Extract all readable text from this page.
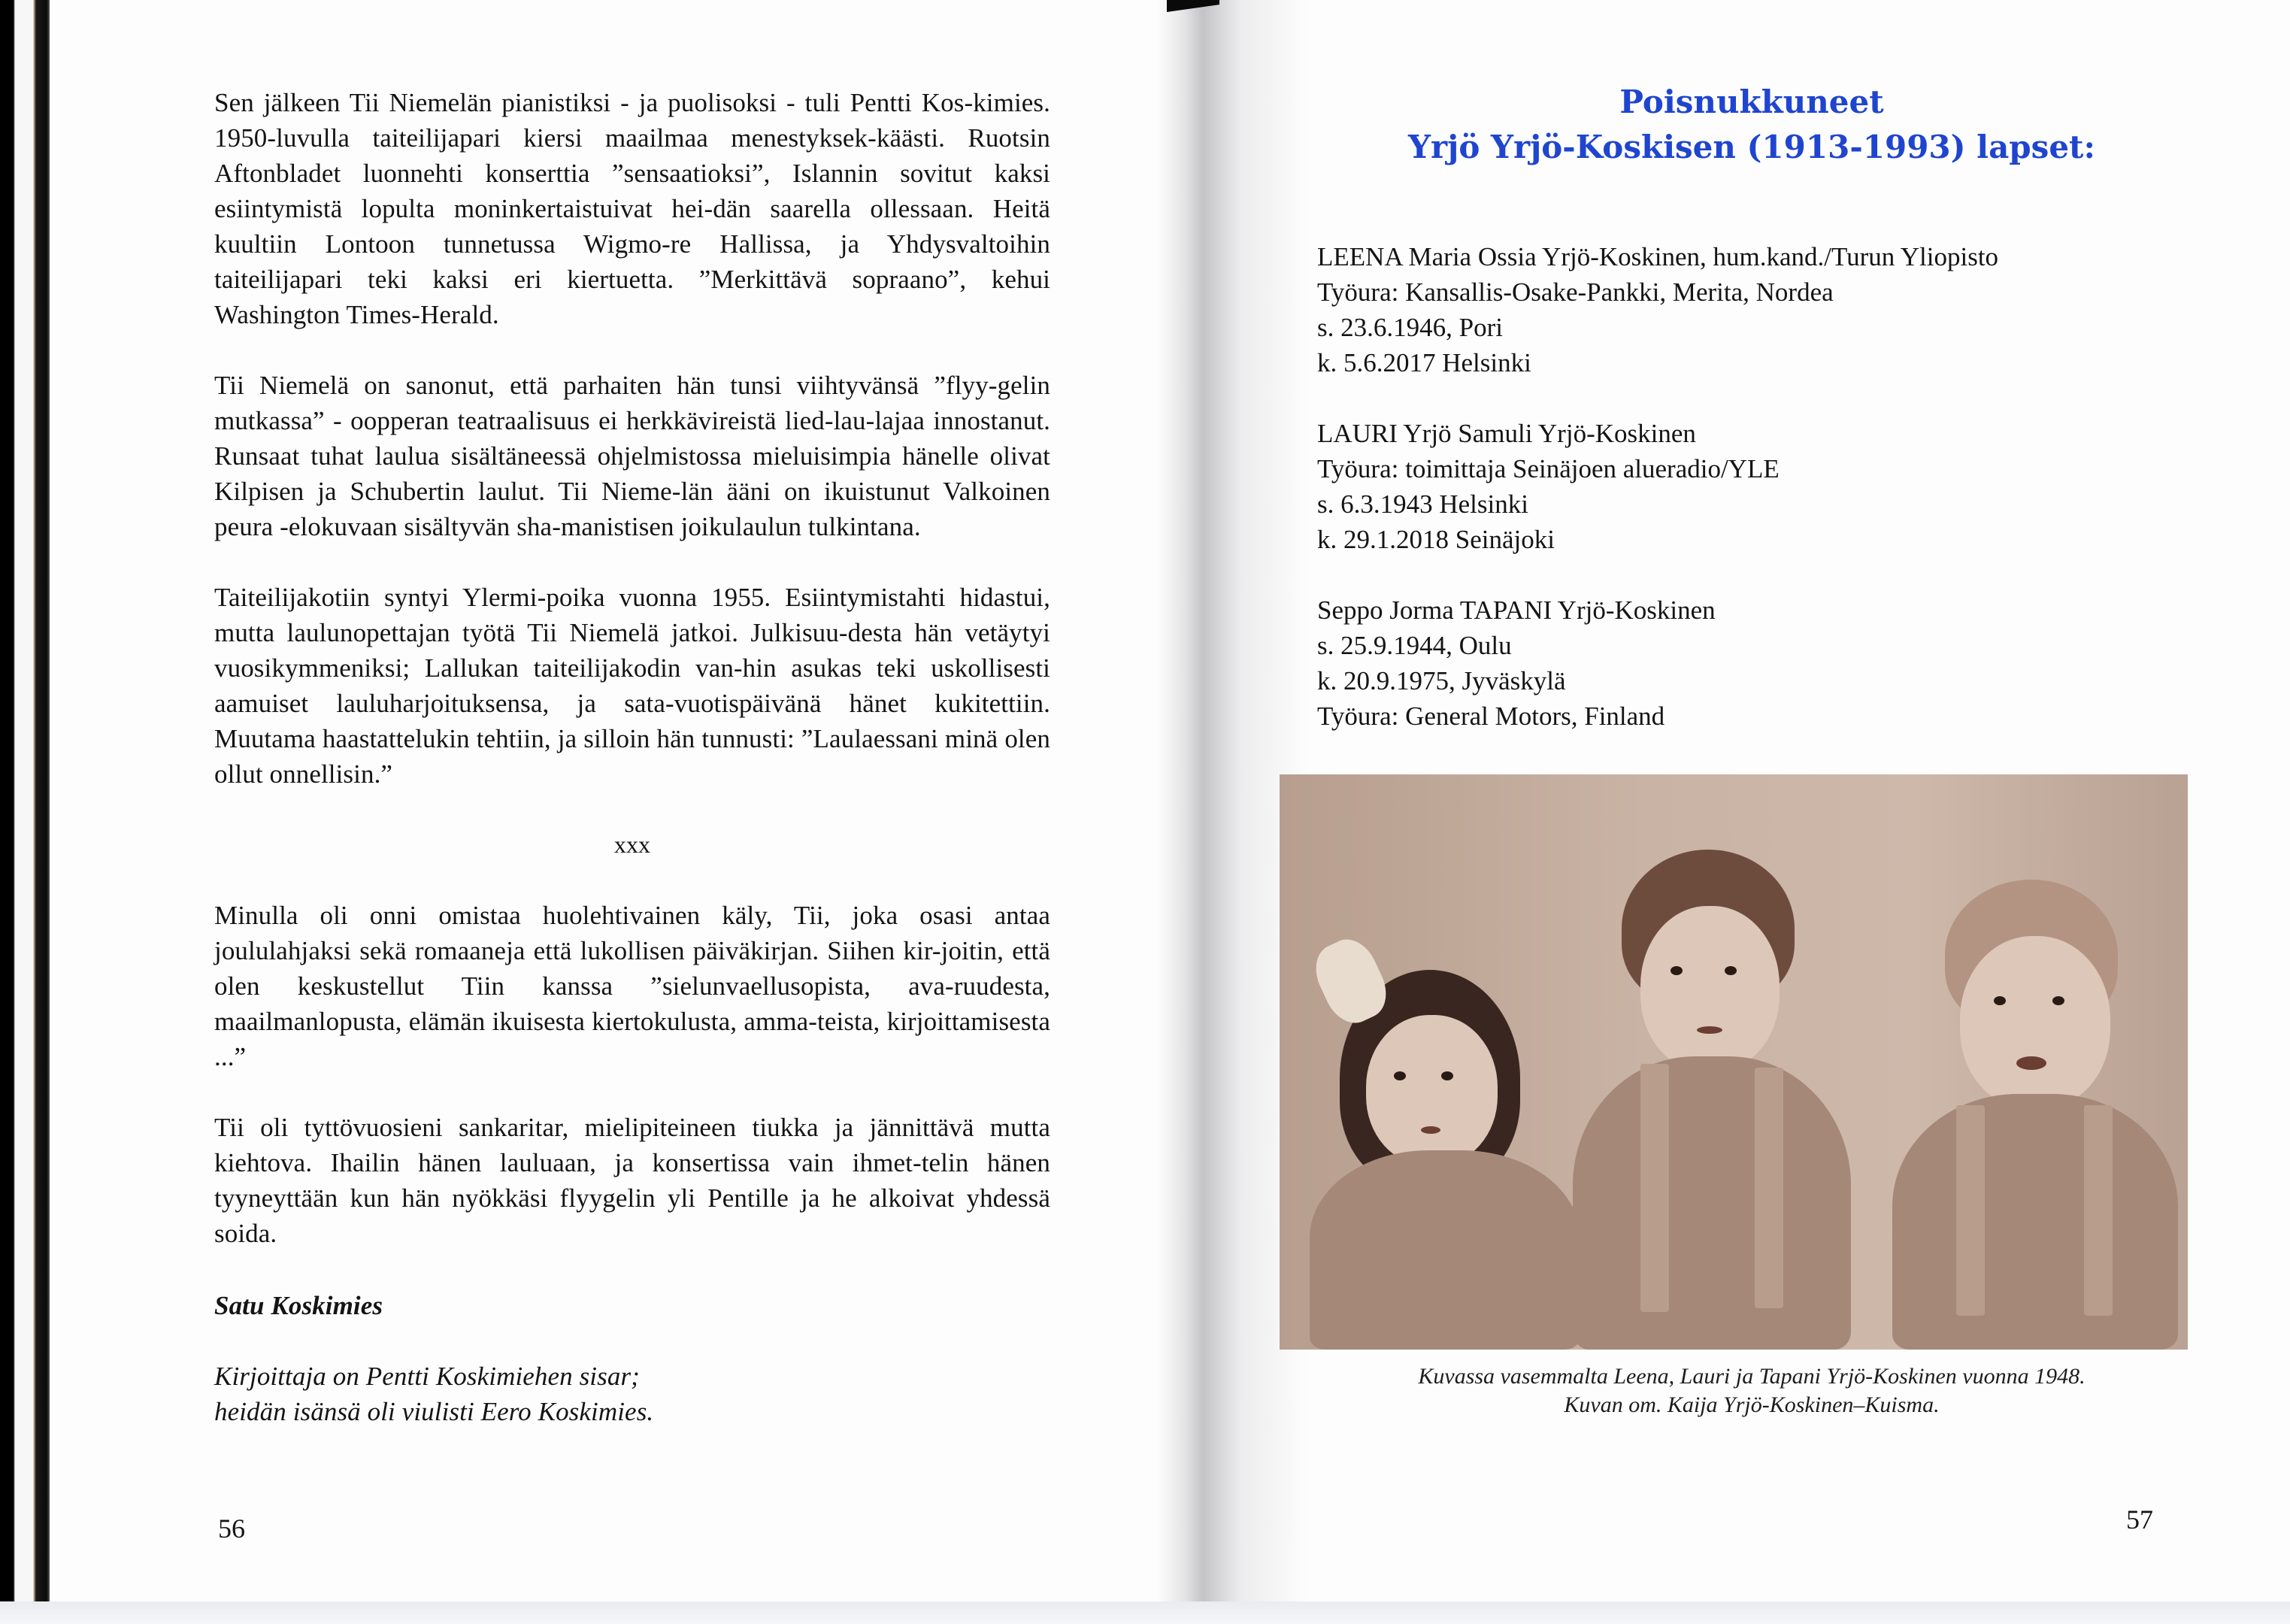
Sen jälkeen Tii Niemelän pianistiksi - ja puolisoksi - tuli Pentti Kos-kimies. 1950-luvulla taiteilijapari kiersi maailmaa menestyksek-käästi. Ruotsin Aftonbladet luonnehti konserttia ”sensaatioksi”, Islannin sovitut kaksi esiintymistä lopulta moninkertaistuivat hei-dän saarella ollessaan. Heitä kuultiin Lontoon tunnetussa Wigmo-re Hallissa, ja Yhdysvaltoihin taiteilijapari teki kaksi eri kiertuetta. ”Merkittävä sopraano”, kehui Washington Times-Herald.

Tii Niemelä on sanonut, että parhaiten hän tunsi viihtyvänsä ”flyy-gelin mutkassa” - oopperan teatraalisuus ei herkkävireistä lied-lau-lajaa innostanut. Runsaat tuhat laulua sisältäneessä ohjelmistossa mieluisimpia hänelle olivat Kilpisen ja Schubertin laulut. Tii Nieme-län ääni on ikuistunut Valkoinen peura -elokuvaan sisältyvän sha-manistisen joikulaulun tulkintana.

Taiteilijakotiin syntyi Ylermi-poika vuonna 1955. Esiintymistahti hidastui, mutta laulunopettajan työtä Tii Niemelä jatkoi. Julkisuu-desta hän vetäytyi vuosikymmeniksi; Lallukan taiteilijakodin van-hin asukas teki uskollisesti aamuiset lauluharjoituksensa, ja sata-vuotispäivänä hänet kukitettiin. Muutama haastattelukin tehtiin, ja silloin hän tunnusti: ”Laulaessani minä olen ollut onnellisin.”

xxx

Minulla oli onni omistaa huolehtivainen käly, Tii, joka osasi antaa joululahjaksi sekä romaaneja että lukollisen päiväkirjan. Siihen kir-joitin, että olen keskustellut Tiin kanssa ”sielunvaellusopista, ava-ruudesta, maailmanlopusta, elämän ikuisesta kiertokulusta, amma-teista, kirjoittamisesta ...”

Tii oli tyttövuosieni sankaritar, mielipiteineen tiukka ja jännittävä mutta kiehtova. Ihailin hänen lauluaan, ja konsertissa vain ihmet-telin hänen tyyneyttään kun hän nyökkäsi flyygelin yli Pentille ja he alkoivat yhdessä soida.

Satu Koskimies
Kirjoittaja on Pentti Koskimiehen sisar;
heidän isänsä oli viulisti Eero Koskimies.
56
Poisnukkuneet
Yrjö Yrjö-Koskisen (1913-1993) lapset:
LEENA Maria Ossia Yrjö-Koskinen, hum.kand./Turun Yliopisto
Työura: Kansallis-Osake-Pankki, Merita, Nordea
s. 23.6.1946, Pori
k. 5.6.2017 Helsinki
LAURI Yrjö Samuli Yrjö-Koskinen
Työura: toimittaja Seinäjoen alueradio/YLE
s. 6.3.1943 Helsinki
k. 29.1.2018 Seinäjoki
Seppo Jorma TAPANI Yrjö-Koskinen
s. 25.9.1944, Oulu
k. 20.9.1975, Jyväskylä
Työura: General Motors, Finland
Kuvassa vasemmalta Leena, Lauri ja Tapani Yrjö-Koskinen vuonna 1948.
Kuvan om. Kaija Yrjö-Koskinen–Kuisma.
57
